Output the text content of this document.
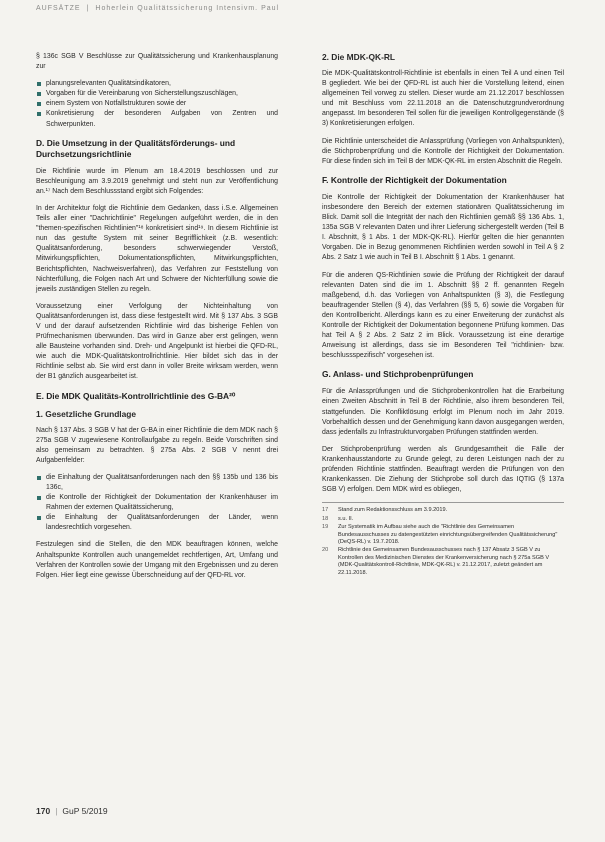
AUFSÄTZE | Hoherlein Qualitätssicherung Intensivm. Paul

§ 136c SGB V Beschlüsse zur Qualitätssicherung und Krankenhausplanung zur

planungsrelevanten Qualitätsindikatoren,
Vorgaben für die Vereinbarung von Sicherstellungszuschlägen,
einem System von Notfallstrukturen sowie der
Konkretisierung der besonderen Aufgaben von Zentren und Schwerpunkten.
D. Die Umsetzung in der Qualitätsförderungs- und Durchsetzungsrichtlinie

Die Richtlinie wurde im Plenum am 18.4.2019 beschlossen und zur Beschleunigung am 3.9.2019 genehmigt und steht nun zur Veröffentlichung an.¹⁷ Nach dem Beschlussstand ergibt sich Folgendes:

In der Architektur folgt die Richtlinie dem Gedanken, dass i.S.e. Allgemeinen Teils aller einer "Dachrichtlinie" Regelungen aufgeführt werden, die in den "themen-spezifischen Richtlinien"¹⁸ konkretisiert sind¹⁹. In diesem Richtlinie ist nun das gestufte System mit seiner Begrifflichkeit (z.B. wesentlich: Qualitätsanforderung, besonders schwerwiegender Verstoß, Mitwirkungspflichten, Dokumentationspflichten, Mitwirkungspflichten, Berichtspflichten, Nachweisverfahren), das Verfahren zur Feststellung von Nichterfüllung, die Folgen nach Art und Schwere der Nichterfüllung sowie die jeweils zuständigen Stellen zu regeln.

Voraussetzung einer Verfolgung der Nichteinhaltung von Qualitätsanforderungen ist, dass diese festgestellt wird. Mit § 137 Abs. 3 SGB V und der darauf aufsetzenden Richtlinie wird das bisherige Fehlen von Prüfmechanismen überwunden. Das wird in Ganze aber erst gelingen, wenn alle Bausteine vorhanden sind. Dreh- und Angelpunkt ist hierbei die QFD-RL, wie auch die MDK-Qualitätskontrollrichtlinie. Hier bildet sich das in der Richtlinie selbst ab. Sie wird erst dann in voller Breite wirksam werden, wenn der B1 gänzlich ausgearbeitet ist.

E. Die MDK Qualitäts-Kontrollrichtlinie des G-BA²⁰
1. Gesetzliche Grundlage

Nach § 137 Abs. 3 SGB V hat der G-BA in einer Richtlinie die dem MDK nach § 275a SGB V zugewiesene Kontrollaufgabe zu regeln. Beide Vorschriften sind also gemeinsam zu betrachten. § 275a Abs. 2 SGB V nennt drei Aufgabenfelder:

die Einhaltung der Qualitätsanforderungen nach den §§ 135b und 136 bis 136c,
die Kontrolle der Richtigkeit der Dokumentation der Krankenhäuser im Rahmen der externen Qualitätssicherung,
die Einhaltung der Qualitätsanforderungen der Länder, wenn landesrechtlich vorgesehen.

Festzulegen sind die Stellen, die den MDK beauftragen können, welche Anhaltspunkte Kontrollen auch unangemeldet rechtfertigen, Art, Umfang und Verfahren der Kontrollen sowie der Umgang mit den Ergebnissen und zu deren Folgen. Hier liegt eine gewisse Überschneidung auf der QFD-RL vor.

2. Die MDK-QK-RL

Die MDK-Qualitätskontroll-Richtlinie ist ebenfalls in einen Teil A und einen Teil B gegliedert. Wie bei der QFD-RL ist auch hier die Vorstellung leitend, einen allgemeinen Teil vorweg zu stellen. Dieser wurde am 21.12.2017 beschlossen und mit Beschluss vom 22.11.2018 an die Datenschutzgrundverordnung angepasst. Im besonderen Teil sollen für die jeweiligen Kontrollgegenstände (§ 3) Konkretisierungen erfolgen.

Die Richtlinie unterscheidet die Anlassprüfung (Vorliegen von Anhaltspunkten), die Stichprobenprüfung und die Kontrolle der Richtigkeit der Dokumentation. Für diese finden sich im Teil B der MDK-QK-RL im ersten Abschnitt die Regeln.

F. Kontrolle der Richtigkeit der Dokumentation

Die Kontrolle der Richtigkeit der Dokumentation der Krankenhäuser hat insbesondere den Bereich der externen stationären Qualitätssicherung im Blick. Damit soll die Integrität der nach den Richtlinien gemäß §§ 136 Abs. 1, 135a SGB V relevanten Daten und ihrer Lieferung sichergestellt werden (Teil B I. Abschnitt, § 1 Abs. 1 der MDK-QK-RL). Hierfür gelten die hier genannten Vorgaben. Die in Bezug genommenen Richtlinien werden sowohl in Teil A § 2 Abs. 2 Satz 1 wie auch in Teil B I. Abschnitt § 1 Abs. 1 genannt.

Für die anderen QS-Richtlinien sowie die Prüfung der Richtigkeit der darauf relevanten Daten sind die im 1. Abschnitt §§ 2 ff. genannten Regeln maßgebend, d.h. das Vorliegen von Anhaltspunkten (§ 3), die Festlegung beauftragender Stellen (§ 4), das Verfahren (§§ 5, 6) sowie die Vorgaben für den Kontrollbericht. Allerdings kann es zu einer Erweiterung der zunächst als Kontrolle der Richtigkeit der Dokumentation begonnene Prüfung kommen. Das hat Teil A § 2 Abs. 2 Satz 2 im Blick. Voraussetzung ist eine derartige Anweisung ist allerdings, dass sie im Besonderen Teil "richtlinien- bzw. beschlussspezifisch" vorgesehen ist.

G. Anlass- und Stichprobenprüfungen

Für die Anlassprüfungen und die Stichprobenkontrollen hat die Erarbeitung einen Zweiten Abschnitt in Teil B der Richtlinie, also ihrem besonderen Teil, stattgefunden. Die Konfliktlösung erfolgt im Plenum noch im Jahr 2019. Vorbehaltlich dessen und der Genehmigung kann davon ausgegangen werden, dass jedenfalls zu Infrastrukturvorgaben Prüfungen stattfinden werden.

Der Stichprobenprüfung werden als Grundgesamtheit die Fälle der Krankenhausstandorte zu Grunde gelegt, zu deren Leistungen nach der zu prüfenden Richtlinie stattfinden. Beauftragt werden die Prüfungen von den Krankenkassen. Die Ziehung der Stichprobe soll durch das IQTIG (§ 137a SGB V) erfolgen. Dem MDK wird es obliegen,

17	Stand zum Redaktionsschluss am 3.9.2019.
18	s.u. II.
19	Zur Systematik im Aufbau siehe auch die "Richtlinie des Gemeinsamen Bundesausschusses zu datengestützten einrichtungsübergreifenden Qualitätssicherung" (DeQS-RL) v. 19.7.2018.
20	Richtlinie des Gemeinsamen Bundesausschusses nach § 137 Absatz 3 SGB V zu Kontrollen des Medizinischen Dienstes der Krankenversicherung nach § 275a SGB V (MDK-Qualitätskontroll-Richtlinie, MDK-QK-RL) v. 21.12.2017, zuletzt geändert am 22.11.2018.
170 | GuP 5/2019
